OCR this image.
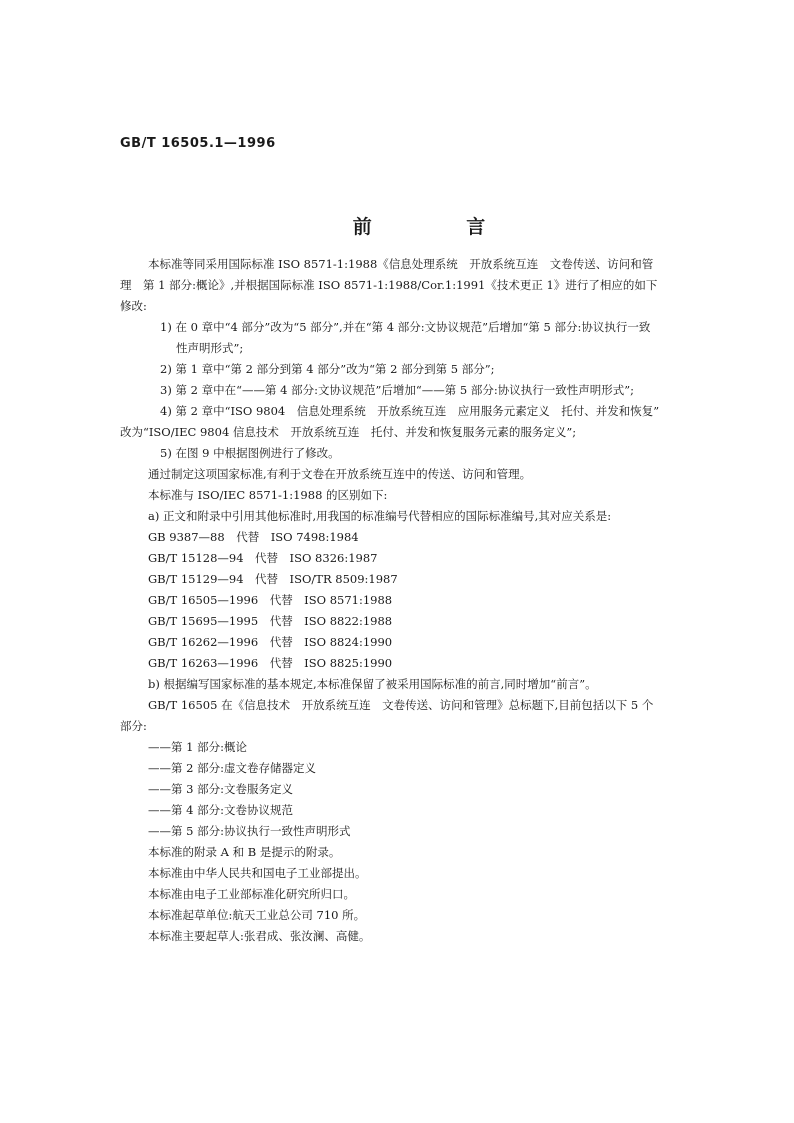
GB/T 16505.1—1996
前 言
本标准等同采用国际标准 ISO 8571-1:1988《信息处理系统　开放系统互连　文卷传送、访问和管
理　第 1 部分:概论》,并根据国际标准 ISO 8571-1:1988/Cor.1:1991《技术更正 1》进行了相应的如下
修改:
1) 在 0 章中“4 部分”改为“5 部分”,并在“第 4 部分:文协议规范”后增加“第 5 部分:协议执行一致
性声明形式”;
2) 第 1 章中“第 2 部分到第 4 部分”改为“第 2 部分到第 5 部分”;
3) 第 2 章中在“——第 4 部分:文协议规范”后增加“——第 5 部分:协议执行一致性声明形式”;
4) 第 2 章中“ISO 9804　信息处理系统　开放系统互连　应用服务元素定义　托付、并发和恢复”
改为“ISO/IEC 9804 信息技术　开放系统互连　托付、并发和恢复服务元素的服务定义”;
5) 在图 9 中根据图例进行了修改。
通过制定这项国家标准,有利于文卷在开放系统互连中的传送、访问和管理。
本标准与 ISO/IEC 8571-1:1988 的区别如下:
a) 正文和附录中引用其他标准时,用我国的标准编号代替相应的国际标准编号,其对应关系是:
GB 9387—88　代替　ISO 7498:1984
GB/T 15128—94　代替　ISO 8326:1987
GB/T 15129—94　代替　ISO/TR 8509:1987
GB/T 16505—1996　代替　ISO 8571:1988
GB/T 15695—1995　代替　ISO 8822:1988
GB/T 16262—1996　代替　ISO 8824:1990
GB/T 16263—1996　代替　ISO 8825:1990
b) 根据编写国家标准的基本规定,本标准保留了被采用国际标准的前言,同时增加“前言”。
GB/T 16505 在《信息技术　开放系统互连　文卷传送、访问和管理》总标题下,目前包括以下 5 个
部分:
——第 1 部分:概论
——第 2 部分:虚文卷存储器定义
——第 3 部分:文卷服务定义
——第 4 部分:文卷协议规范
——第 5 部分:协议执行一致性声明形式
本标准的附录 A 和 B 是提示的附录。
本标准由中华人民共和国电子工业部提出。
本标准由电子工业部标准化研究所归口。
本标准起草单位:航天工业总公司 710 所。
本标准主要起草人:张君成、张汝澜、高健。
